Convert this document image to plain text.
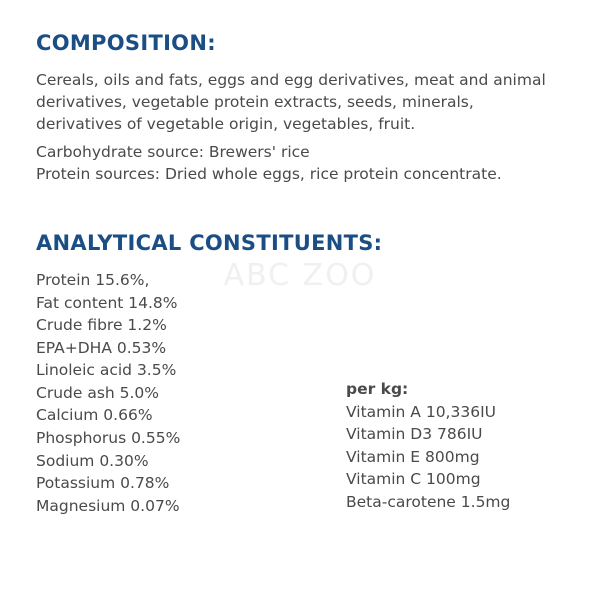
ABC ZOO
COMPOSITION:

Cereals, oils and fats, eggs and egg derivatives, meat and animal derivatives, vegetable protein extracts, seeds, minerals, derivatives of vegetable origin, vegetables, fruit.

Carbohydrate source: Brewers' rice
Protein sources: Dried whole eggs, rice protein concentrate.
ANALYTICAL CONSTITUENTS:
Protein 15.6%,
Fat content 14.8%
Crude fibre 1.2%
EPA+DHA 0.53%
Linoleic acid 3.5%
Crude ash 5.0%
Calcium 0.66%
Phosphorus 0.55%
Sodium 0.30%
Potassium 0.78%
Magnesium 0.07%
per kg:
Vitamin A 10,336IU
Vitamin D3 786IU
Vitamin E 800mg
Vitamin C 100mg
Beta-carotene 1.5mg
